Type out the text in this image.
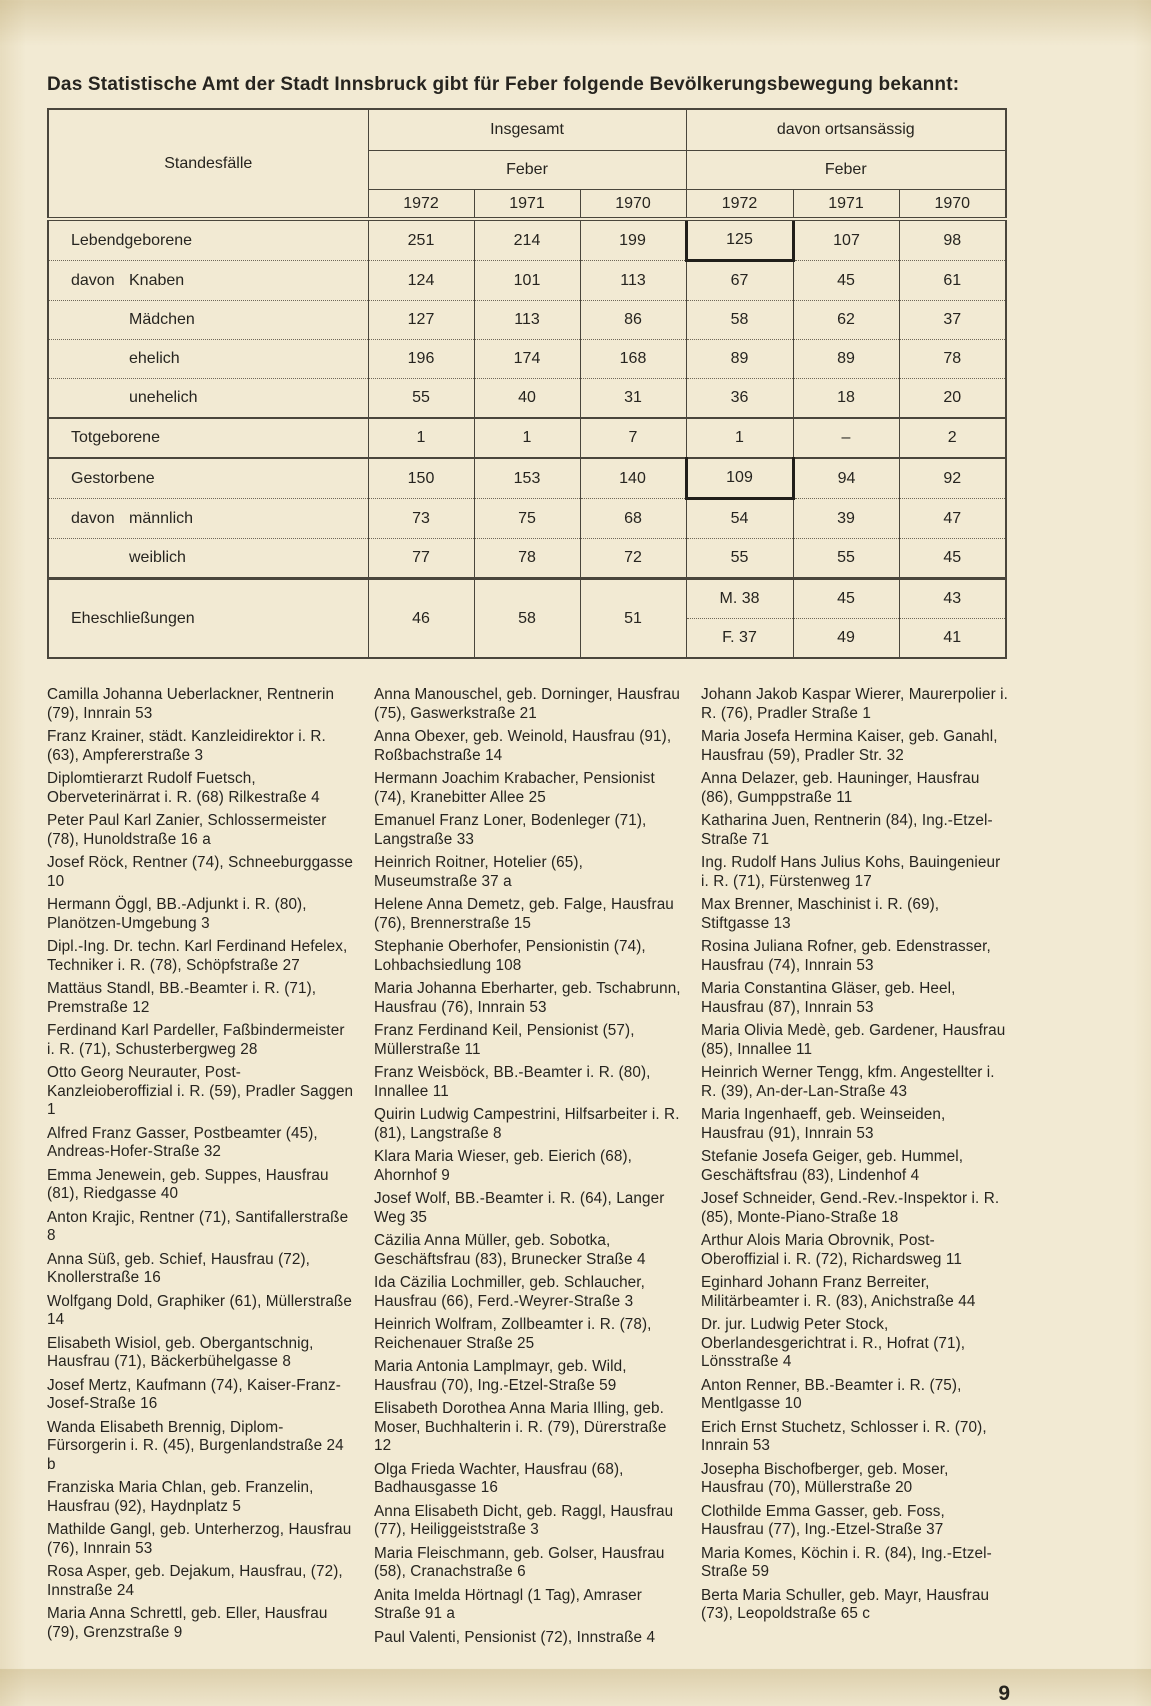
Das Statistische Amt der Stadt Innsbruck gibt für Feber folgende Bevölkerungsbewegung bekannt:
Standesfälle	Insgesamt			davon ortsansässig		
	Feber			Feber		
	1972	1971	1970	1972	1971	1970
Lebendgeborene	251	214	199	125	107	98
davon Knaben	124	101	113	67	45	61
Mädchen	127	113	86	58	62	37
ehelich	196	174	168	89	89	78
unehelich	55	40	31	36	18	20
Totgeborene	1	1	7	1	–	2
Gestorbene	150	153	140	109	94	92
davon männlich	73	75	68	54	39	47
weiblich	77	78	72	55	55	45
Eheschließungen	46	58	51	M. 38	45	43
				F. 37	49	41

Camilla Johanna Ueberlackner, Rentnerin (79), Innrain 53

Franz Krainer, städt. Kanzleidirektor i. R. (63), Ampfererstraße 3

Diplomtierarzt Rudolf Fuetsch, Oberveterinärrat i. R. (68) Rilkestraße 4

Peter Paul Karl Zanier, Schlossermeister (78), Hunoldstraße 16 a

Josef Röck, Rentner (74), Schneeburggasse 10

Hermann Öggl, BB.-Adjunkt i. R. (80), Planötzen-Umgebung 3

Dipl.-Ing. Dr. techn. Karl Ferdinand Hefelex, Techniker i. R. (78), Schöpfstraße 27

Mattäus Standl, BB.-Beamter i. R. (71), Premstraße 12

Ferdinand Karl Pardeller, Faßbindermeister i. R. (71), Schusterbergweg 28

Otto Georg Neurauter, Post-Kanzleioberoffizial i. R. (59), Pradler Saggen 1

Alfred Franz Gasser, Postbeamter (45), Andreas-Hofer-Straße 32

Emma Jenewein, geb. Suppes, Hausfrau (81), Riedgasse 40

Anton Krajic, Rentner (71), Santifallerstraße 8

Anna Süß, geb. Schief, Hausfrau (72), Knollerstraße 16

Wolfgang Dold, Graphiker (61), Müllerstraße 14

Elisabeth Wisiol, geb. Obergantschnig, Hausfrau (71), Bäckerbühelgasse 8

Josef Mertz, Kaufmann (74), Kaiser-Franz-Josef-Straße 16

Wanda Elisabeth Brennig, Diplom-Fürsorgerin i. R. (45), Burgenlandstraße 24 b

Franziska Maria Chlan, geb. Franzelin, Hausfrau (92), Haydnplatz 5

Mathilde Gangl, geb. Unterherzog, Hausfrau (76), Innrain 53

Rosa Asper, geb. Dejakum, Hausfrau, (72), Innstraße 24

Maria Anna Schrettl, geb. Eller, Hausfrau (79), Grenzstraße 9

Anna Manouschel, geb. Dorninger, Hausfrau (75), Gaswerkstraße 21

Anna Obexer, geb. Weinold, Hausfrau (91), Roßbachstraße 14

Hermann Joachim Krabacher, Pensionist (74), Kranebitter Allee 25

Emanuel Franz Loner, Bodenleger (71), Langstraße 33

Heinrich Roitner, Hotelier (65), Museumstraße 37 a

Helene Anna Demetz, geb. Falge, Hausfrau (76), Brennerstraße 15

Stephanie Oberhofer, Pensionistin (74), Lohbachsiedlung 108

Maria Johanna Eberharter, geb. Tschabrunn, Hausfrau (76), Innrain 53

Franz Ferdinand Keil, Pensionist (57), Müllerstraße 11

Franz Weisböck, BB.-Beamter i. R. (80), Innallee 11

Quirin Ludwig Campestrini, Hilfsarbeiter i. R. (81), Langstraße 8

Klara Maria Wieser, geb. Eierich (68), Ahornhof 9

Josef Wolf, BB.-Beamter i. R. (64), Langer Weg 35

Cäzilia Anna Müller, geb. Sobotka, Geschäftsfrau (83), Brunecker Straße 4

Ida Cäzilia Lochmiller, geb. Schlaucher, Hausfrau (66), Ferd.-Weyrer-Straße 3

Heinrich Wolfram, Zollbeamter i. R. (78), Reichenauer Straße 25

Maria Antonia Lamplmayr, geb. Wild, Hausfrau (70), Ing.-Etzel-Straße 59

Elisabeth Dorothea Anna Maria Illing, geb. Moser, Buchhalterin i. R. (79), Dürerstraße 12

Olga Frieda Wachter, Hausfrau (68), Badhausgasse 16

Anna Elisabeth Dicht, geb. Raggl, Hausfrau (77), Heiliggeiststraße 3

Maria Fleischmann, geb. Golser, Hausfrau (58), Cranachstraße 6

Anita Imelda Hörtnagl (1 Tag), Amraser Straße 91 a

Paul Valenti, Pensionist (72), Innstraße 4

Johann Jakob Kaspar Wierer, Maurerpolier i. R. (76), Pradler Straße 1

Maria Josefa Hermina Kaiser, geb. Ganahl, Hausfrau (59), Pradler Str. 32

Anna Delazer, geb. Hauninger, Hausfrau (86), Gumppstraße 11

Katharina Juen, Rentnerin (84), Ing.-Etzel-Straße 71

Ing. Rudolf Hans Julius Kohs, Bauingenieur i. R. (71), Fürstenweg 17

Max Brenner, Maschinist i. R. (69), Stiftgasse 13

Rosina Juliana Rofner, geb. Edenstrasser, Hausfrau (74), Innrain 53

Maria Constantina Gläser, geb. Heel, Hausfrau (87), Innrain 53

Maria Olivia Medè, geb. Gardener, Hausfrau (85), Innallee 11

Heinrich Werner Tengg, kfm. Angestellter i. R. (39), An-der-Lan-Straße 43

Maria Ingenhaeff, geb. Weinseiden, Hausfrau (91), Innrain 53

Stefanie Josefa Geiger, geb. Hummel, Geschäftsfrau (83), Lindenhof 4

Josef Schneider, Gend.-Rev.-Inspektor i. R. (85), Monte-Piano-Straße 18

Arthur Alois Maria Obrovnik, Post-Oberoffizial i. R. (72), Richardsweg 11

Eginhard Johann Franz Berreiter, Militärbeamter i. R. (83), Anichstraße 44

Dr. jur. Ludwig Peter Stock, Oberlandesgerichtrat i. R., Hofrat (71), Lönsstraße 4

Anton Renner, BB.-Beamter i. R. (75), Mentlgasse 10

Erich Ernst Stuchetz, Schlosser i. R. (70), Innrain 53

Josepha Bischofberger, geb. Moser, Hausfrau (70), Müllerstraße 20

Clothilde Emma Gasser, geb. Foss, Hausfrau (77), Ing.-Etzel-Straße 37

Maria Komes, Köchin i. R. (84), Ing.-Etzel-Straße 59

Berta Maria Schuller, geb. Mayr, Hausfrau (73), Leopoldstraße 65 c

9
